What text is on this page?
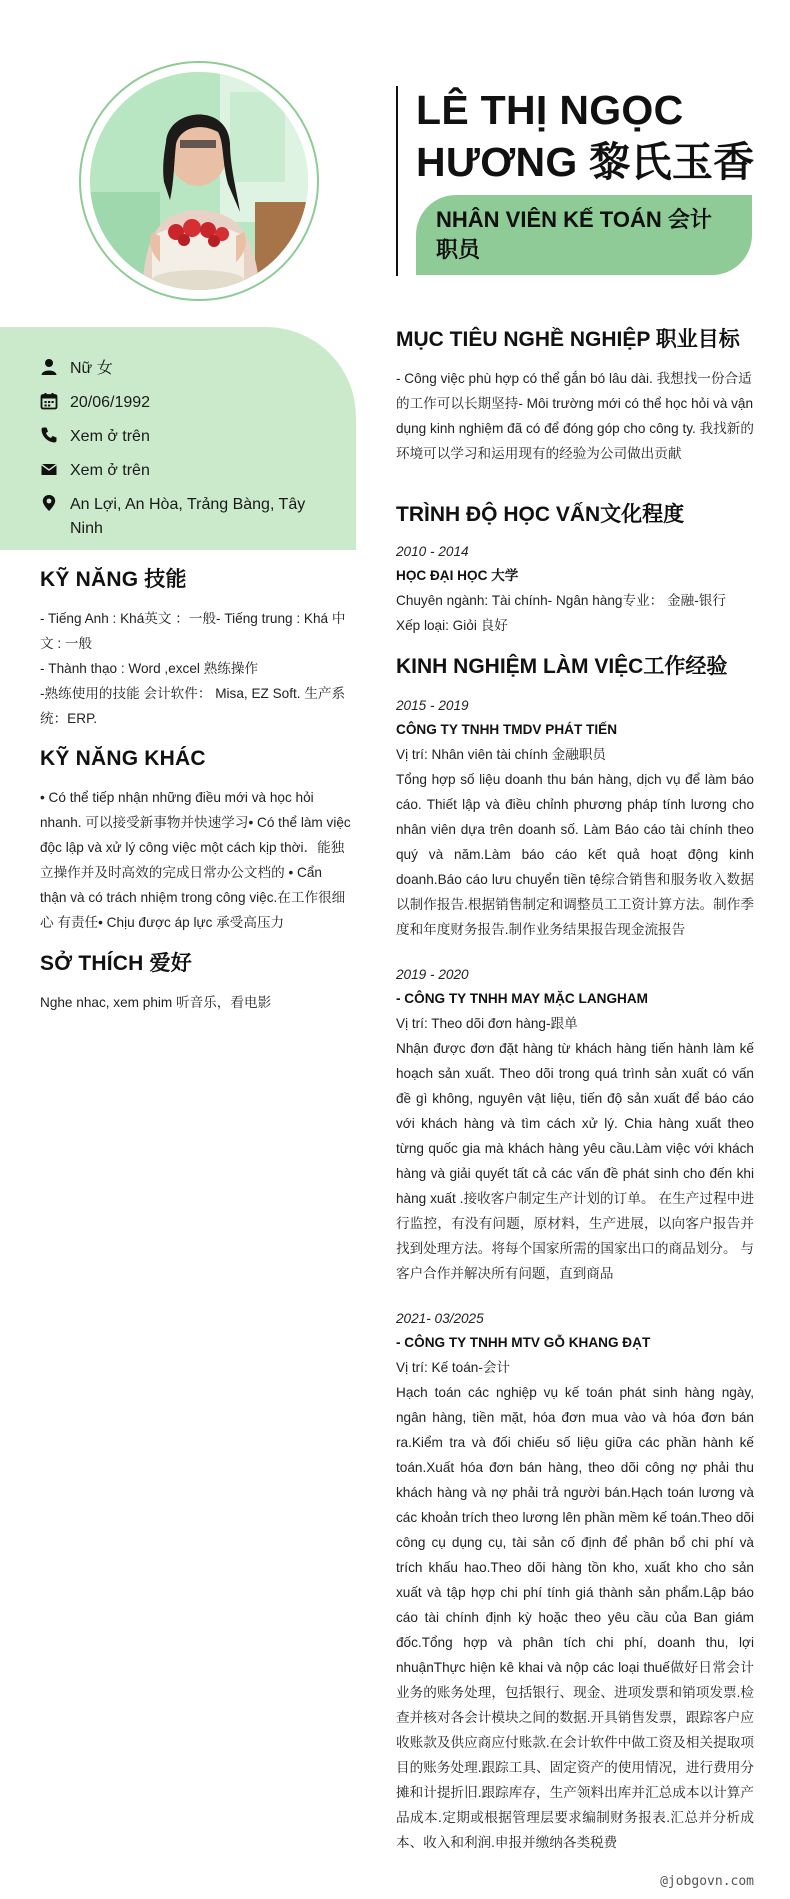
Nữ 女
20/06/1992
Xem ở trên
Xem ở trên
An Lợi, An Hòa, Trảng Bàng, Tây Ninh
KỸ NĂNG 技能

- Tiếng Anh : Khá英文 ：一般- Tiếng trung : Khá 中文 : 一般
- Thành thạo : Word ,excel 熟练操作
-熟练使用的技能 会计软件： Misa, EZ Soft. 生产系统：ERP.

KỸ NĂNG KHÁC

• Có thể tiếp nhận những điều mới và học hỏi nhanh. 可以接受新事物并快速学习• Có thể làm việc độc lập và xử lý công việc một cách kịp thời．能独立操作并及时高效的完成日常办公文档的 • Cẩn thận và có trách nhiệm trong công việc.在工作很细心 有责任• Chịu được áp lực 承受高压力

SỞ THÍCH 爱好

Nghe nhac, xem phim 听音乐，看电影

LÊ THỊ NGỌC
HƯƠNG 黎氏玉香
NHÂN VIÊN KẾ TOÁN 会计职员
MỤC TIÊU NGHỀ NGHIỆP 职业目标

- Công việc phù hợp có thể gắn bó lâu dài. 我想找一份合适的工作可以长期坚持- Môi trường mới có thể học hỏi và vận dụng kinh nghiệm đã có để đóng góp cho công ty. 我找新的环境可以学习和运用现有的经验为公司做出贡献

TRÌNH ĐỘ HỌC VẤN文化程度
2010 - 2014
HỌC ĐẠI HỌC 大学
Chuyên ngành: Tài chính- Ngân hàng专业： 金融-银行
Xếp loại: Giỏi 良好
KINH NGHIỆM LÀM VIỆC工作经验
2015 - 2019
CÔNG TY TNHH TMDV PHÁT TIẾN
Vị trí: Nhân viên tài chính 金融职员

Tổng hợp số liệu doanh thu bán hàng, dịch vụ để làm báo cáo. Thiết lập và điều chỉnh phương pháp tính lương cho nhân viên dựa trên doanh số. Làm Báo cáo tài chính theo quý và năm.Làm báo cáo kết quả hoạt động kinh doanh.Báo cáo lưu chuyển tiền tệ综合销售和服务收入数据以制作报告.根据销售制定和调整员工工资计算方法。制作季度和年度财务报告.制作业务结果报告现金流报告

2019 - 2020
- CÔNG TY TNHH MAY MẶC LANGHAM
Vị trí: Theo dõi đơn hàng-跟单

Nhận được đơn đặt hàng từ khách hàng tiến hành làm kế hoạch sản xuất. Theo dõi trong quá trình sản xuất có vấn đề gì không, nguyên vật liệu, tiến độ sản xuất để báo cáo với khách hàng và tìm cách xử lý. Chia hàng xuất theo từng quốc gia mà khách hàng yêu cầu.Làm việc với khách hàng và giải quyết tất cả các vấn đề phát sinh cho đến khi hàng xuất .接收客户制定生产计划的订单。 在生产过程中进行监控，有没有问题，原材料，生产进展，以向客户报告并找到处理方法。将每个国家所需的国家出口的商品划分。 与客户合作并解决所有问题，直到商品

2021- 03/2025
- CÔNG TY TNHH MTV GỖ KHANG ĐẠT
Vị trí: Kế toán-会计

Hạch toán các nghiệp vụ kế toán phát sinh hàng ngày, ngân hàng, tiền mặt, hóa đơn mua vào và hóa đơn bán ra.Kiểm tra và đối chiếu số liệu giữa các phần hành kế toán.Xuất hóa đơn bán hàng, theo dõi công nợ phải thu khách hàng và nợ phải trả người bán.Hạch toán lương và các khoản trích theo lương lên phần mềm kế toán.Theo dõi công cụ dụng cụ, tài sản cố định để phân bổ chi phí và trích khấu hao.Theo dõi hàng tồn kho, xuất kho cho sản xuất và tập hợp chi phí tính giá thành sản phẩm.Lập báo cáo tài chính định kỳ hoặc theo yêu cầu của Ban giám đốc.Tổng hợp và phân tích chi phí, doanh thu, lợi nhuậnThực hiện kê khai và nộp các loại thuế做好日常会计业务的账务处理，包括银行、现金、进项发票和销项发票.检查并核对各会计模块之间的数据.开具销售发票，跟踪客户应收账款及供应商应付账款.在会计软件中做工资及相关提取项目的账务处理.跟踪工具、固定资产的使用情况，进行费用分摊和计提折旧.跟踪库存，生产领料出库并汇总成本以计算产品成本.定期或根据管理层要求编制财务报表.汇总并分析成本、收入和利润.申报并缴纳各类税费

@jobgovn.com
